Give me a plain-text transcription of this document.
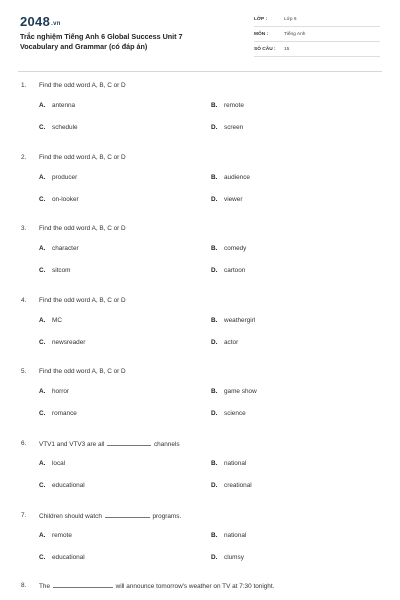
2048.vn
Trắc nghiệm Tiếng Anh 6 Global Success Unit 7
Vocabulary and Grammar (có đáp án)
LỚP :	Lớp 6
MÔN :	Tiếng Anh
SỐ CÂU : 15
1. Find the odd word A, B, C or D
A. antenna	B. remote
C. schedule	D. screen
2. Find the odd word A, B, C or D
A. producer	B. audience
C. on-looker	D. viewer
3. Find the odd word A, B, C or D
A. character	B. comedy
C. sitcom	D. cartoon
4. Find the odd word A, B, C or D
A. MC	B. weathergirl
C. newsreader	D. actor
5. Find the odd word A, B, C or D
A. horror	B. game show
C. romance	D. science
6. VTV1 and VTV3 are all	channels
A. local	B. national
C. educational	D. creational
7. Children should watch	programs.
A. remote	B. national
C. educational	D. clumsy
8. The	will announce tomorrow's weather on TV at 7:30 tonight.
